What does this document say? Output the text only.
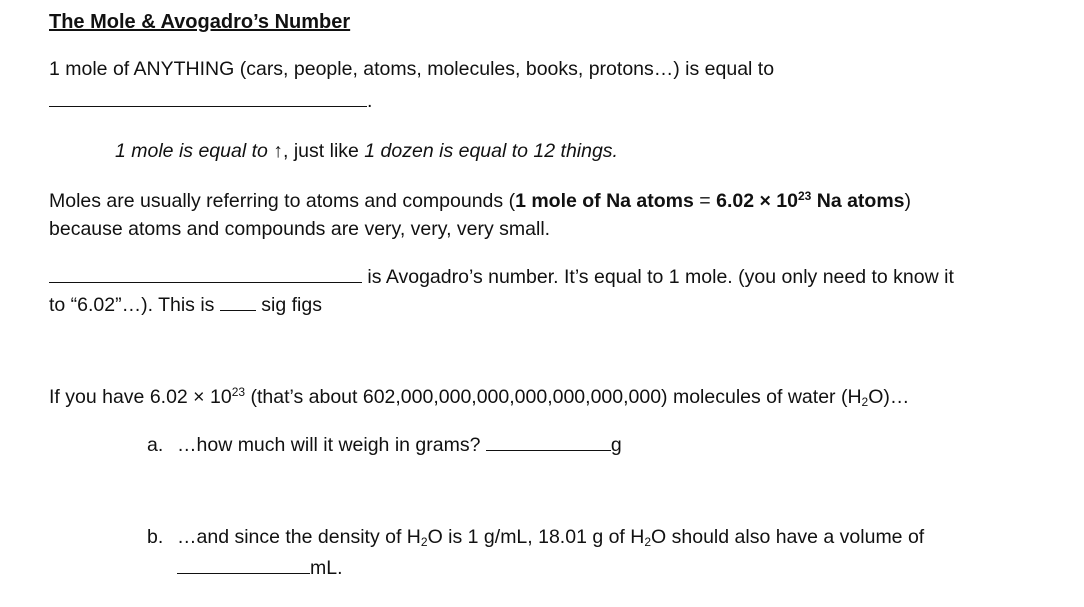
The Mole & Avogadro’s Number
1 mole of ANYTHING (cars, people, atoms, molecules, books, protons…) is equal to
.
1 mole is equal to ↑, just like 1 dozen is equal to 12 things.
Moles are usually referring to atoms and compounds (1 mole of Na atoms = $6.02 \times 10^{23}$ Na atoms)
because atoms and compounds are very, very, very small.
is Avogadro’s number. It’s equal to 1 mole. (you only need to know it
to “6.02”…). This is  sig figs
If you have $6.02 \times 10^{23}$ (that’s about 602,000,000,000,000,000,000,000) molecules of water $(H_2O)\dots$
a. …how much will it weigh in grams?	g
b. …and since the density of $H_2O$ is 1 g/mL, 18.01 g of $H_2O$ should also have a volume of
mL.
